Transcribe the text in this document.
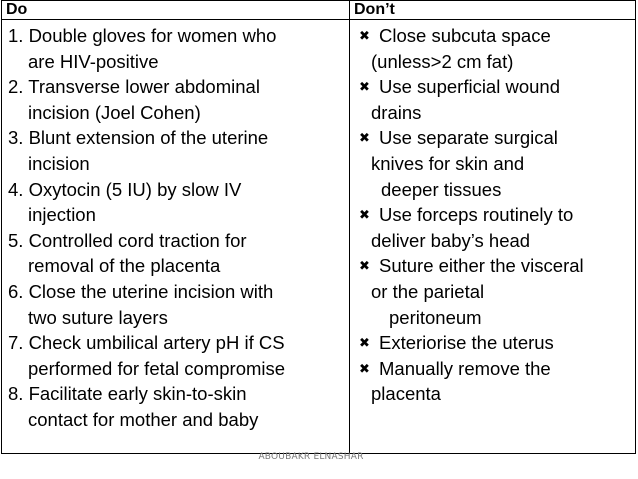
Do	Don’t
1. Double gloves for women who
are HIV-positive
2. Transverse lower abdominal
incision (Joel Cohen)
3. Blunt extension of the uterine
incision
4. Oxytocin (5 IU) by slow IV
injection
5. Controlled cord traction for
removal of the placenta
6. Close the uterine incision with
two suture layers
7. Check umbilical artery pH if CS
performed for fetal compromise
8. Facilitate early skin-to-skin
contact for mother and baby
✖ Close subcuta space
(unless>2 cm fat)
✖ Use superficial wound
drains
✖ Use separate surgical
knives for skin and
deeper tissues
✖ Use forceps routinely to
deliver baby’s head
✖ Suture either the visceral
or the parietal
peritoneum
✖ Exteriorise the uterus
✖ Manually remove the
placenta
ABOUBAKR ELNASHAR
